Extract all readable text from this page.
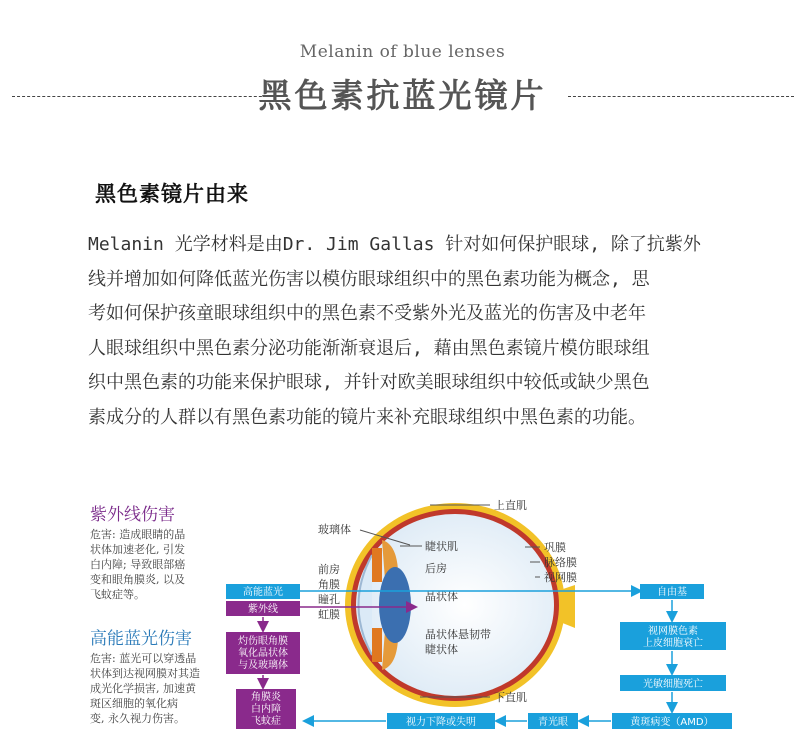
Melanin of blue lenses
黑色素抗蓝光镜片
黑色素镜片由来
Melanin 光学材料是由Dr. Jim Gallas 针对如何保护眼球, 除了抗紫外
线并增加如何降低蓝光伤害以模仿眼球组织中的黑色素功能为概念, 思
考如何保护孩童眼球组织中的黑色素不受紫外光及蓝光的伤害及中老年
人眼球组织中黑色素分泌功能渐渐衰退后, 藉由黑色素镜片模仿眼球组
织中黑色素的功能来保护眼球, 并针对欧美眼球组织中较低或缺少黑色
素成分的人群以有黑色素功能的镜片来补充眼球组织中黑色素的功能。
紫外线伤害
危害: 造成眼睛的晶
状体加速老化, 引发
白内障; 导致眼部癌
变和眼角膜炎, 以及
飞蚊症等。
高能蓝光伤害
危害: 蓝光可以穿透晶
状体到达视网膜对其造
成光化学损害, 加速黄
斑区细胞的氧化病
变, 永久视力伤害。
上直肌
玻璃体
睫状肌
前房
角膜
瞳孔
虹膜
后房
晶状体
晶状体悬韧带
睫状体
下直肌
巩膜
脉络膜
视网膜
高能蓝光
紫外线
灼伤眼角膜
氧化晶状体
与及玻璃体
角膜炎
白内障
飞蚊症
自由基
视网膜色素
上皮细胞衰亡
光敏细胞死亡
黄斑病变（AMD）
青光眼
视力下降或失明
